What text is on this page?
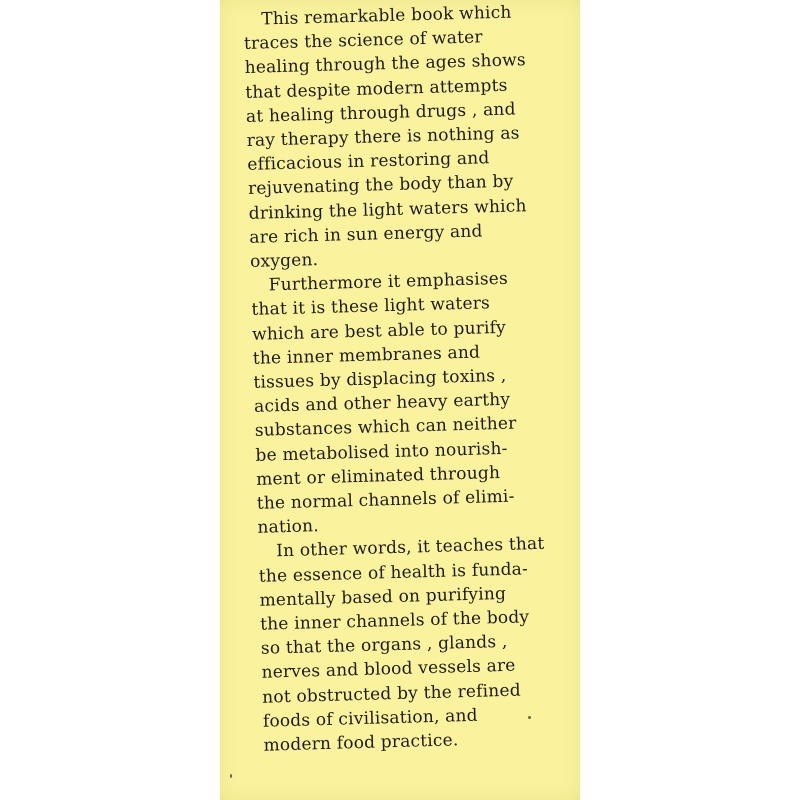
This remarkable book which
traces the science of water
healing through the ages shows
that despite modern attempts
at healing through drugs , and
ray therapy there is nothing as
efficacious in restoring and
rejuvenating the body than by
drinking the light waters which
are rich in sun energy and
oxygen.

Furthermore it emphasises
that it is these light waters
which are best able to purify
the inner membranes and
tissues by displacing toxins ,
acids and other heavy earthy
substances which can neither
be metabolised into nourish-
ment or eliminated through
the normal channels of elimi-
nation.

In other words, it teaches that
the essence of health is funda-
mentally based on purifying
the inner channels of the body
so that the organs , glands ,
nerves and blood vessels are
not obstructed by the refined
foods of civilisation, and
modern food practice.
